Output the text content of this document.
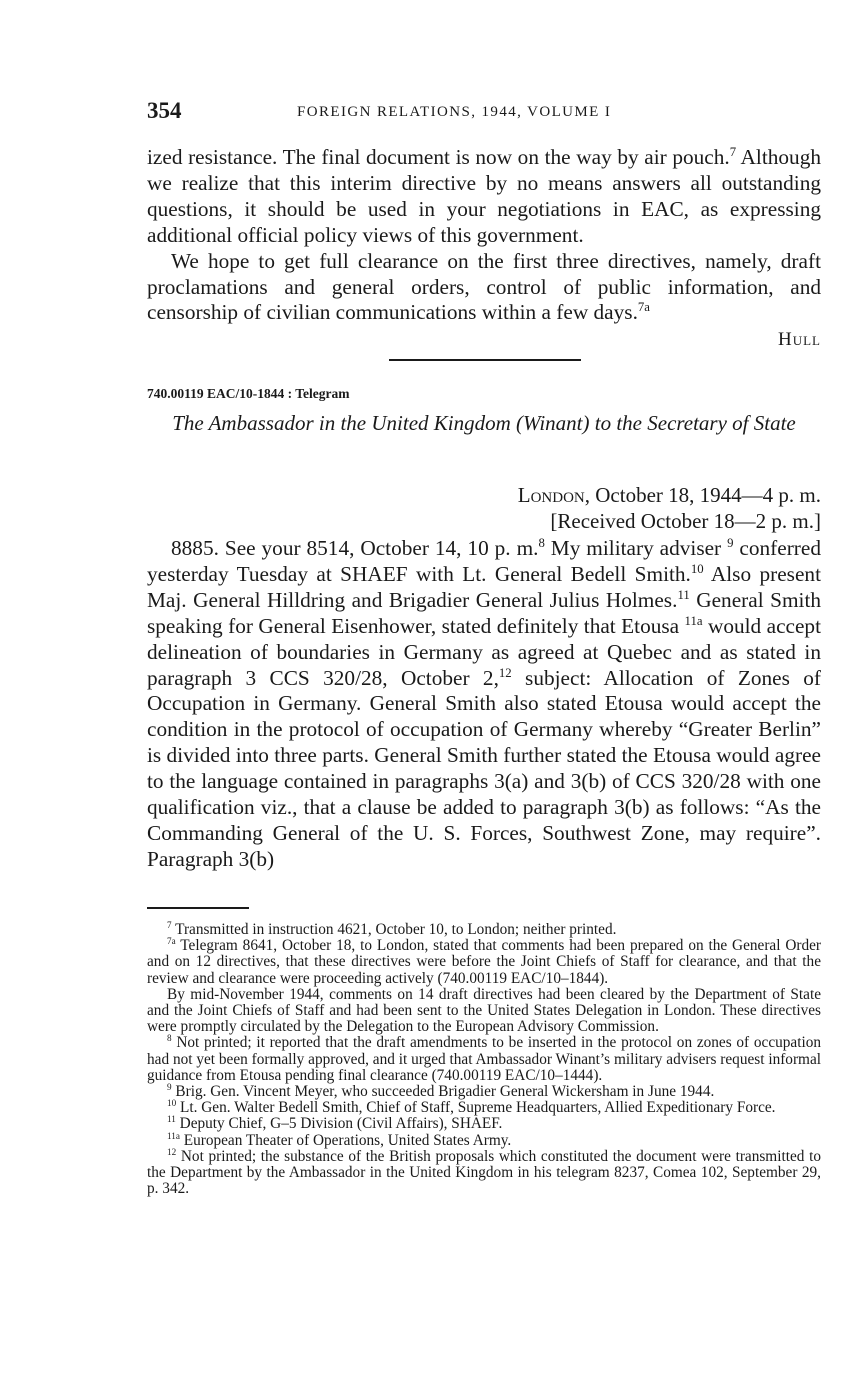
354	FOREIGN RELATIONS, 1944, VOLUME I

ized resistance. The final document is now on the way by air pouch.$^7$ Although we realize that this interim directive by no means answers all outstanding questions, it should be used in your negotiations in EAC, as expressing additional official policy views of this government.

We hope to get full clearance on the first three directives, namely, draft proclamations and general orders, control of public information, and censorship of civilian communications within a few days.$^{7a}$

Hull
740.00119 EAC/10-1844 : Telegram
The Ambassador in the United Kingdom (Winant) to the Secretary of State
London, October 18, 1944—4 p. m.
[Received October 18—2 p. m.]

8885. See your 8514, October 14, 10 p. m.$^8$ My military adviser $^9$ conferred yesterday Tuesday at SHAEF with Lt. General Bedell Smith.$^{10}$ Also present Maj. General Hilldring and Brigadier General Julius Holmes.$^{11}$ General Smith speaking for General Eisenhower, stated definitely that Etousa $^{11a}$ would accept delineation of boundaries in Germany as agreed at Quebec and as stated in paragraph 3 CCS 320/28, October 2,12 subject: Allocation of Zones of Occupation in Germany. General Smith also stated Etousa would accept the condition in the protocol of occupation of Germany whereby “Greater Berlin” is divided into three parts. General Smith further stated the Etousa would agree to the language contained in paragraphs 3(a) and 3(b) of CCS 320/28 with one qualification viz., that a clause be added to paragraph 3(b) as follows: “As the Commanding General of the U. S. Forces, Southwest Zone, may require”. Paragraph 3(b)

$^7$ Transmitted in instruction 4621, October 10, to London; neither printed.

$^{7a}$ Telegram 8641, October 18, to London, stated that comments had been prepared on the General Order and on 12 directives, that these directives were before the Joint Chiefs of Staff for clearance, and that the review and clearance were proceeding actively (740.00119 EAC/10–1844).

By mid-November 1944, comments on 14 draft directives had been cleared by the Department of State and the Joint Chiefs of Staff and had been sent to the United States Delegation in London. These directives were promptly circulated by the Delegation to the European Advisory Commission.

$^8$ Not printed; it reported that the draft amendments to be inserted in the protocol on zones of occupation had not yet been formally approved, and it urged that Ambassador Winant’s military advisers request informal guidance from Etousa pending final clearance (740.00119 EAC/10–1444).

$^9$ Brig. Gen. Vincent Meyer, who succeeded Brigadier General Wickersham in June 1944.

$^{10}$ Lt. Gen. Walter Bedell Smith, Chief of Staff, Supreme Headquarters, Allied Expeditionary Force.

$^{11}$ Deputy Chief, G–5 Division (Civil Affairs), SHAEF.

$^{11a}$ European Theater of Operations, United States Army.

$^{12}$ Not printed; the substance of the British proposals which constituted the document were transmitted to the Department by the Ambassador in the United Kingdom in his telegram 8237, Comea 102, September 29, p. 342.
